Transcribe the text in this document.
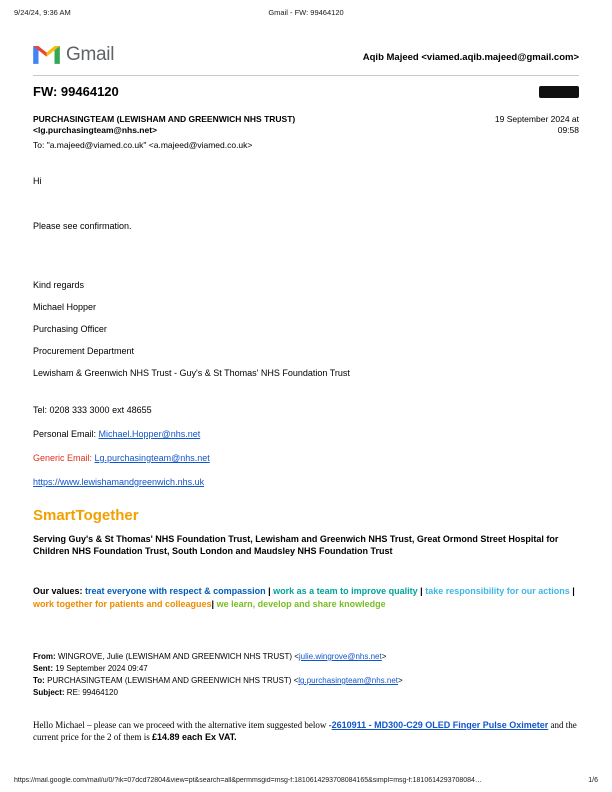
9/24/24, 9:36 AM	Gmail - FW: 99464120
Gmail	Aqib Majeed <viamed.aqib.majeed@gmail.com>
FW: 99464120
PURCHASINGTEAM (LEWISHAM AND GREENWICH NHS TRUST)
<lg.purchasingteam@nhs.net>
To: "a.majeed@viamed.co.uk" <a.majeed@viamed.co.uk>
19 September 2024 at
09:58

Hi

Please see confirmation.

Kind regards

Michael Hopper

Purchasing Officer

Procurement Department

Lewisham & Greenwich NHS Trust - Guy's & St Thomas' NHS Foundation Trust

Tel: 0208 333 3000 ext 48655

Personal Email: Michael.Hopper@nhs.net

Generic Email: Lg.purchasingteam@nhs.net

https://www.lewishamandgreenwich.nhs.uk

SmartTogether

Serving Guy's & St Thomas' NHS Foundation Trust, Lewisham and Greenwich NHS Trust, Great Ormond Street Hospital for Children NHS Foundation Trust, South London and Maudsley NHS Foundation Trust

Our values: treat everyone with respect & compassion | work as a team to improve quality | take responsibility for our actions | work together for patients and colleagues| we learn, develop and share knowledge

From: WINGROVE, Julie (LEWISHAM AND GREENWICH NHS TRUST) <julie.wingrove@nhs.net>
Sent: 19 September 2024 09:47
To: PURCHASINGTEAM (LEWISHAM AND GREENWICH NHS TRUST) <lg.purchasingteam@nhs.net>
Subject: RE: 99464120

Hello Michael – please can we proceed with the alternative item suggested below -2610911 - MD300-C29 OLED Finger Pulse Oximeter and the current price for the 2 of them is £14.89 each Ex VAT.

https://mail.google.com/mail/u/0/?ik=07dcd72804&view=pt&search=all&permmsgid=msg-f:1810614293708084165&simpl=msg-f:1810614293708084…	1/6
